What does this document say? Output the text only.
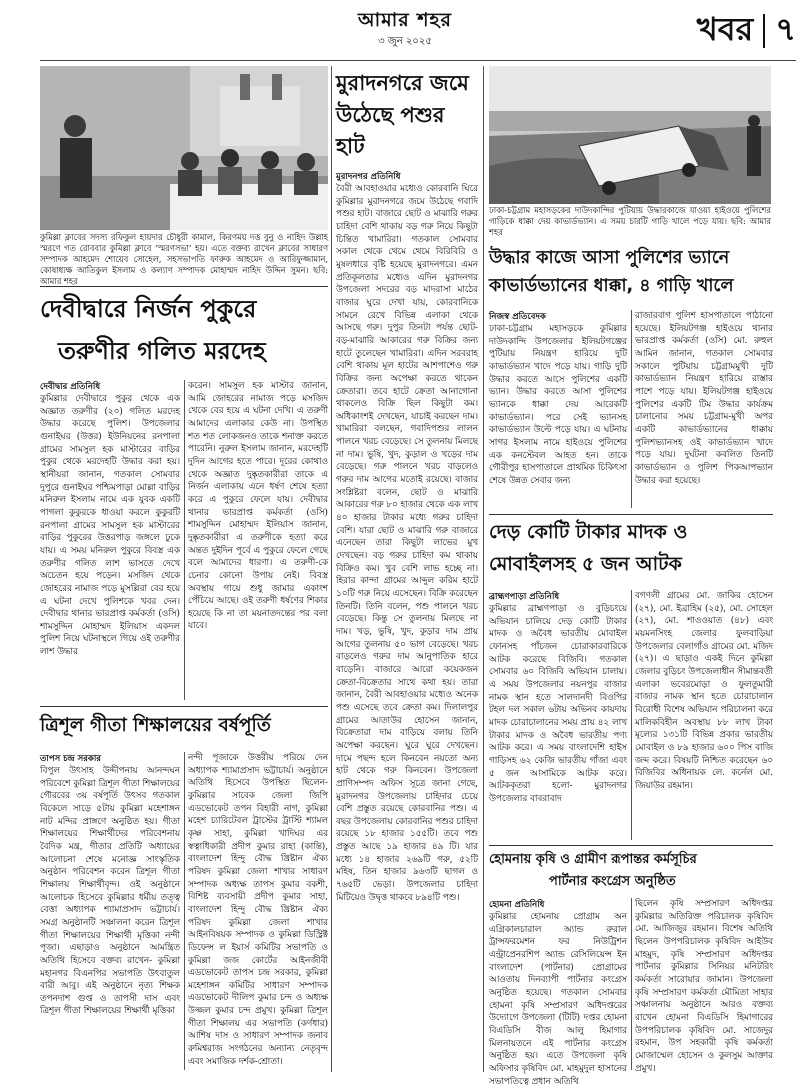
আমার শহর
৩ জুন ২০২৫	খবর ৭
কুমিল্লা ক্লাবের সদস্য রফিকুল হায়দার চৌধুরী কামাল, কিরণময় দত্ত বুনু ও নাহিদ উল্লাহ স্মরণে গত রোববার কুমিল্লা ক্লাবে ‘স্মরণসভা’ হয়। এতে বক্তব্য রাখেন ক্লাবের সাধারণ সম্পাদক আহমেদ শোয়েব সোহেল, সহসভাপতি ফারুক আহমেদ ও আরিফুজ্জামান, কোষাধ্যক্ষ আতিকুল ইসলাম ও কল্যাণ সম্পাদক মোহাম্মদ নাহিদ উদ্দিন সুমন। ছবি: আমার শহর
মুরাদনগরে জমে উঠেছে পশুর হাট
মুরাদনগর প্রতিনিধি
বৈরী আবহাওয়ার মধ্যেও কোরবানি ঘিরে কুমিল্লার মুরাদনগরে জমে উঠেছে গবাদি পশুর হাট। বাজারে ছোট ও মাঝারি গরুর চাহিদা বেশি থাকায় বড় গরু নিয়ে কিছুটা চিন্তিত খামারিরা। গতকাল সোমবার সকাল থেকে থেমে থেমে বিরিবিরি ও মুষলধারে বৃষ্টি হয়েছে মুরাদনগরে। এমন প্রতিকূলতার মধ্যেও এদিন মুরাদনগর উপজেলা সদরের বড় মাদরাসা মাঠের বাজার ঘুরে দেখা যায়, কোরবানিকে সামনে রেখে বিভিন্ন এলাকা থেকে আসছে গরু। দুপুর তিনটা পর্যন্ত ছোট-বড়-মাঝারি আকারের গরু বিক্রির জন্য হাটে তুলেছেন খামারিরা। এদিন সরবরাহ বেশি থাকায় মূল হাটের আশপাশেও গরু বিক্রির জন্য অপেক্ষা করতে থাকেন ক্রেতারা। তবে হাটে ক্রেতা আনাগোনা থাকলেও বিক্রি ছিল কিছুটা কম। অধিকাংশই দেখছেন, যাচাই করছেন দাম। খামারিরা বলছেন, গবাদিপশুর লালন পালনে খরচ বেড়েছে। সে তুলনায় মিলছে না দাম। ভুষি, খুদ, কুড়াল ও খড়ের দাম বেড়েছে। গরু পালনে খরচ বাড়লেও গরুর দাম আগের মতোই রয়েছে। বাজার সংশ্লিষ্টরা বলেন, ছোট ও মাঝারি আকারের গরু ৮০ হাজার থেকে এক লাখ ৪০ হাজার টাকার মধ্যে গরুর চাহিদা বেশি। যারা ছোট ও মাঝারি গরু বাজারে এনেছেন তারা কিছুটা লাভের মুখ দেখছেন। বড় গরুর চাহিদা কম থাকায় বিক্রিও কম। খুব বেশি লাভ হচ্ছে না। হিরার কান্দা গ্রামের আব্দুল করিম হাটে ১০টি গরু নিয়ে এসেছেন। বিক্রি করেছেন তিনটি। তিনি বলেন, পশু পালনে খরচ বেড়েছে। কিন্তু সে তুলনায় মিলছে না দাম। খড়, ভুষি, খুদ, কুড়ার দাম প্রায় আগের তুলনায় ৫০ ভাগ বেড়েছে। খরচ বাড়লেও গরুর দাম আনুপাতিক হারে বাড়েনি। বাজারে আরো কয়েকজন ক্রেতা-বিক্রেতার সাথে কথা হয়। তারা জানান, বৈরী আবহাওয়ার মধ্যেও অনেক পশু এসেছে তবে ক্রেতা কম। দিলালপুর গ্রামের আতাউর হোসেন জানান, বিক্রেতারা দাম বাড়িয়ে বলায় তিনি অপেক্ষা করছেন। ঘুরে ঘুরে দেখছেন। দামে পছন্দ হলে কিনবেন নয়তো অন্য হাট থেকে গরু কিনবেন। উপজেলা প্রাণিসম্পদ অফিস সূত্রে জানা গেছে, মুরাদনগর উপজেলায় চাহিদার চেয়ে বেশি প্রস্তুত রয়েছে কোরবানির পশু। এ বছর উপজেলায় কোরবানির পশুর চাহিদা রয়েছে ১৮ হাজার ১৫৫টি। তবে পশু প্রস্তুত আছে ১৯ হাজার ৪৯ টি। যার মধ্যে ১৪ হাজার ২৬৯টি গরু, ৫২টি মহিষ, তিন হাজার ৯৬৩টি ছাগল ও ৭৬৫টি ভেড়া। উপজেলার চাহিদা মিটিয়েও উদ্বৃত্ত থাকবে ৮৯৪টি পশু।
ঢাকা-চট্টগ্রাম মহাসড়কের দাউদকান্দির পুটিয়ায় উদ্ধারকাজে যাওয়া হাইওয়ে পুলিশের গাড়িকে ধাক্কা দেয় কাভার্ডভ্যান। এ সময় চারটি গাড়ি খালে পড়ে যায়। ছবি: আমার শহর
উদ্ধার কাজে আসা পুলিশের ভ্যানে
কাভার্ডভ্যানের ধাক্কা, ৪ গাড়ি খালে
নিজস্ব প্রতিবেদক
ঢাকা-চট্টগ্রাম মহাসড়কে কুমিল্লার দাউদকান্দি উপজেলার ইলিয়টগঞ্জের পুটিয়ায় নিয়ন্ত্রণ হারিয়ে দুটি কাভার্ডভ্যান খাদে পড়ে যায়। গাড়ি দুটি উদ্ধার করতে আসে পুলিশের একটি ভ্যান। উদ্ধার করতে আসা পুলিশের ভ্যানকে ধাক্কা দেয় আরেকটি কাভার্ডভ্যান। পরে সেই ভ্যানসহ কাভার্ডভ্যান উল্টে পড়ে যায়। এ ঘটনায় সাগর ইসলাম নামে হাইওয়ে পুলিশের এক কনস্টেবল আহত হন। তাকে গৌরীপুর হাসপাতালে প্রাথমিক চিকিৎসা শেষে উন্নত সেবার জন্য
রাজারবাগ পুলিশ হাসপাতালে পাঠানো হয়েছে। ইলিয়টগঞ্জ হাইওয়ে থানার ভারপ্রাপ্ত কর্মকর্তা (ওসি) মো. রুহুল আমিন জানান, গতকাল সোমবার সকালে পুটিয়ায় চট্টগ্রামমুখী দুটি কাভার্ডভ্যান নিয়ন্ত্রণ হারিয়ে রাস্তার পাশে পড়ে যায়। ইলিয়টগঞ্জ হাইওয়ে পুলিশের একটি টিম উদ্ধার কার্যক্রম চালানোর সময় চট্টগ্রাম-মুখী অপর একটি কাভার্ডভ্যানের ধাক্কায় পুলিশভ্যানসহ ওই কাভার্ডভ্যান খাদে পড়ে যায়। দুর্ঘটনা কবলিত তিনটি কাভার্ডভ্যান ও পুলিশ পিকআপভ্যান উদ্ধার করা হয়েছে।
দেড় কোটি টাকার মাদক ও
মোবাইলসহ ৫ জন আটক
ব্রাহ্মণপাড়া প্রতিনিধি
কুমিল্লার ব্রাহ্মণপাড়া ও বুড়িচংয়ে অভিযান চালিয়ে দেড় কোটি টাকার মাদক ও অবৈধ ভারতীয় মোবাইল ফোনসহ পাঁচজন চোরাকারবারিকে আটক করেছে বিজিবি। গতকাল সোমবার ৬০ বিজিবি অভিযান চালায়। এ সময় উপজেলার নয়নপুর বাজার নামক স্থান হতে সালদানদী বিওপির টহল দল সকাল ৬টায় অভিনব কায়দায় মাদক চোরাচালানের সময় প্রায় ৪২ লাখ টাকার মাদক ও অবৈধ ভারতীয় পণ্য আটক করে। এ সময় বাংলাদেশি হাইস গাড়িসহ ৬২ কেজি ভারতীয় গাঁজা এবং ৫ জন আসামিকে আটক করে। আটককৃতরা হলো- মুরাদনগর উপজেলার বাবরাবাদ
বগণলী গ্রামের মো. জাকির হোসেন (২৭), মো. ইব্রাহিম (২৫), মো. সোহেল (২৭), মো. শাওওয়াত (৪৮) এবং ময়মনসিংহ জেলার ফুলবাড়িয়া উপজেলার বেলাগাঁও গ্রামের মো. মজিদ (২৭)। এ ছাড়াও একই দিনে কুমিল্লা জেলার বুড়িচং উপজেলাধীন সীমান্তবর্তী এলাকা ভবেরমোড়া ও ফুলতুমারী বাজার নামক স্থান হতে চোরাচালান বিরোধী বিশেষ অভিযান পরিচালনা করে মালিকবিহীন অবস্থায় ৮৮ লাখ টাকা মূল্যের ১৩১টি বিভিন্ন প্রকার ভারতীয় মোবাইল ও ৮৯ হাজার ৬০০ পিস বাজি জব্দ করে। বিষয়টি নিশ্চিত করেছেন ৬০ বিজিবির অধিনায়ক লে. কর্নেল মো. জিয়াউর রহমান।
হোমনায় কৃষি ও গ্রামীণ রূপান্তর কর্মসূচির
পার্টনার কংগ্রেস অনুষ্ঠিত
হোমনা প্রতিনিধি
কুমিল্লার হোমনায় প্রোগ্রাম অন এগ্রিকালচারাল অ্যান্ড রুরাল ট্রান্সফরমেশন ফর নিউট্রিশন এন্ট্রাপ্রেনরশিপ অ্যান্ড রেসিলিয়েন্স ইন বাংলাদেশ (পার্টনার) প্রোগ্রামের আওতায় দিনব্যাপী পার্টনার কংগ্রেস অনুষ্ঠিত হয়েছে। গতকাল সোমবার হোমনা কৃষি সম্প্রসারণ অধিদপ্তরের উদ্যোগে উপজেলা (টিটি) দপ্তর হোমনা বিএডিসি বীজ আলু হিমাগার মিলনায়তনে এই পার্টনার কংগ্রেস অনুষ্ঠিত হয়। এতে উপজেলা কৃষি অফিসার কৃষিবিদ মো. মাহমুদুল হাসানের সভাপতিত্বে প্রধান অতিথি
ছিলেন কৃষি সম্প্রসারণ অধিদপ্তর কুমিল্লার অতিরিক্ত পরিচালক কৃষিবিদ মো. আজিজুর রহমান। বিশেষ অতিথি ছিলেন উপপরিচালক কৃষিবিদ আইউব মাহমুদ, কৃষি সম্প্রসারণ অধিদপ্তর পার্টনার কুমিল্লার সিনিয়র মনিটরিং কর্মকর্তা সারোয়ার জামান। উপজেলা কৃষি সম্প্রসারণ কর্মকর্তা মৌমিতা সাহার সঞ্চালনায় অনুষ্ঠানে আরও বক্তব্য রাখেন হোমনা বিএডিসি হিমাগারের উপপরিচালক কৃষিবিদ মো. সাজেদুর রহমান, উপ সহকারী কৃষি কর্মকর্তা মোজাম্মেল হোসেন ও কুলসুম আক্তার প্রমুখ।
দেবীদ্বারে নির্জন পুকুরে
তরুণীর গলিত মরদেহ
দেবীদ্বার প্রতিনিধি
কুমিল্লার দেবীদ্বারে পুকুর থেকে এক অজ্ঞাত তরুণীর (২০) গলিত মরদেহ উদ্ধার করেছে পুলিশ। উপজেলার গুনাইঘর (উত্তর) ইউনিয়নের রনপালা গ্রামের সামসুল হক মাস্টারের বাড়ির পুকুর থেকে মরদেহটি উদ্ধার করা হয়। স্থানীয়রা জানান, গতকাল সোমবার দুপুরে গুনাইঘর পশ্চিমপাড়া মোল্লা বাড়ির মনিরুল ইসলাম নামে এক যুবক একটি পাগলা কুকুরকে ধাওয়া করলে কুকুরটি রনপালা গ্রামের সামসুল হক মাস্টারের বাড়ির পুকুরের উত্তরপাড় জঙ্গলে ঢুকে যায়। এ সময় মনিরুল পুকুরে বিবস্ত্র এক তরুণীর গলিত লাশ ভাসতে দেখে অচেতন হয়ে পড়েন। মসজিদ থেকে জোহরের নামাজ পড়ে মুসল্লিরা বের হয়ে এ ঘটনা দেখে পুলিশকে খবর দেন। দেবীদ্বার থানার ভারপ্রাপ্ত কর্মকর্তা (ওসি) শামসুদ্দিন মোহাম্মদ ইলিয়াস একদল পুলিশ নিয়ে ঘটনাস্থলে গিয়ে ওই তরুণীর লাশ উদ্ধার
করেন। সামসুল হক মাস্টার জানান, আমি জোহরের নামাজ পড়ে মসজিদ থেকে বের হয়ে এ ঘটনা দেখি। এ তরুণী আমাদের এলাকার কেউ না। উপস্থিত শত শত লোকজনও তাকে শনাক্ত করতে পারেনি। নুরুল ইসলাম জানান, মরদেহটি দুদিন আগের হতে পারে। দূরের কোথাও থেকে অজ্ঞাত দুষ্কৃতকারীরা তাকে এ নির্জন এলাকায় এনে ধর্ষণ শেষে হত্যা করে এ পুকুরে ফেলে যায়। দেবীদ্বার থানার ভারপ্রাপ্ত কর্মকর্তা (ওসি) শামসুদ্দিন মোহাম্মদ ইলিয়াস জানান, দুষ্কৃতকারীরা এ তরুণীকে হত্যা করে অন্তত দুইদিন পূর্বে এ পুকুরে ফেলে গেছে বলে আমাদের ধারণা। এ তরুণী-কে চেনার কোনো উপায় নেই। বিবস্ত্র অবস্থায় গায়ে শুধু জামার একাংশ পেঁচিয়ে আছে। ওই তরুণী ধর্ষণের শিকার হয়েছে কি না তা ময়নাতদন্তের পর বলা যাবে।
ত্রিশূল গীতা শিক্ষালয়ের বর্ষপূর্তি
তাপস চন্দ্র সরকার
বিপুল উৎসাহ উদ্দীপনায় আনন্দঘন পরিবেশে কুমিল্লা ত্রিশূল গীতা শিক্ষালয়ের গৌরবের ৩য় বর্ষপূর্তি উৎসব গতকাল বিকেলে সাড়ে ৫টায় কুমিল্লা মহেশাঙ্গন নাট মন্দির প্রাঙ্গণে অনুষ্ঠিত হয়। গীতা শিক্ষালয়ের শিক্ষার্থীদের পরিবেশনায় বৈদিক মন্ত্র, গীতার প্রতিটি অধ্যায়ের আলোচনা শেষে মনোজ্ঞ সাংস্কৃতিক অনুষ্ঠান পরিবেশন করেন ত্রিশূল গীতা শিক্ষালয় শিক্ষার্থীবৃন্দ। ওই অনুষ্ঠানে আলোচক হিসেবে কুমিল্লার ধর্মীয় তত্ত্ব বেত্তা অধ্যাপক শ্যামাপ্রসাদ ভট্টাচার্য। সমগ্র অনুষ্ঠানটি সঞ্চালনা করেন ত্রিশূল গীতা শিক্ষালয়ের শিক্ষার্থী মৃত্তিকা নন্দী পূজা। এছাড়াও অনুষ্ঠানে আমন্ত্রিত অতিথি হিসেবে বক্তব্য রাখেন- কুমিল্লা মহানগর বিএনপির সভাপতি উৎবাতুল বারী আবু। এই অনুষ্ঠানে নৃত্য শিক্ষক তপনদাশ গুপ্ত ও তাপসী দাস এবং ত্রিশূল গীতা শিক্ষালয়ের শিক্ষার্থী মৃত্তিকা
নন্দী পূজাকে উত্তরীয় পরিয়ে দেন অধ্যাপক শ্যামাপ্রসাদ ভট্টাচার্য। অনুষ্ঠানে অতিথি হিসেবে উপস্থিত ছিলেন- কুমিল্লার সাবেক জেলা জিপি এডভোকেট তপন বিহারী নাগ, কুমিল্লা মহেশ চ্যারিটেবল ট্রাস্টের ট্রাস্টি শ্যামল কৃষ্ণ সাহা, কুমিল্লা খাদিঘর এর স্বত্বাধিকারী প্রদীপ কুমার রাহা (কান্তি), বাংলাদেশ হিন্দু বৌদ্ধ খ্রিষ্টান ঐক্য পরিষদ কুমিল্লা জেলা শাখার সাধারণ সম্পাদক অধ্যক্ষ তাপস কুমার বকশী, বিশিষ্ট ব্যবসায়ী প্রদীপ কুমার সাহা, বাংলাদেশ হিন্দু বৌদ্ধ খ্রিষ্টান ঐক্য পরিষদ কুমিল্লা জেলা শাখার আইনবিষয়ক সম্পাদক ও কুমিল্লা ডিস্ট্রিক্ট ডিফেন্স ল ইয়ার্স কমিটির সভাপতি ও কুমিল্লা জজ কোর্টের আইনজীবী এডভোকেট তাপস চন্দ্র সরকার, কুমিল্লা মহেশাঙ্গন কমিটির সাধারণ সম্পাদক এডভোকেট দীলিপ কুমার চন্দ ও অধ্যক্ষ উজ্জল কুমার চন্দ প্রমুখ। কুমিল্লা ত্রিশূল গীতা শিক্ষালয় এর সভাপতি (কর্ণধার) আশিষ দাস ও সাধারণ সম্পাদক জনাব রুমিশ্বরাজ সংগঠনের অন্যান্য নেতৃবৃন্দ এবং সমাজিক দর্শক-শ্রোতা।
